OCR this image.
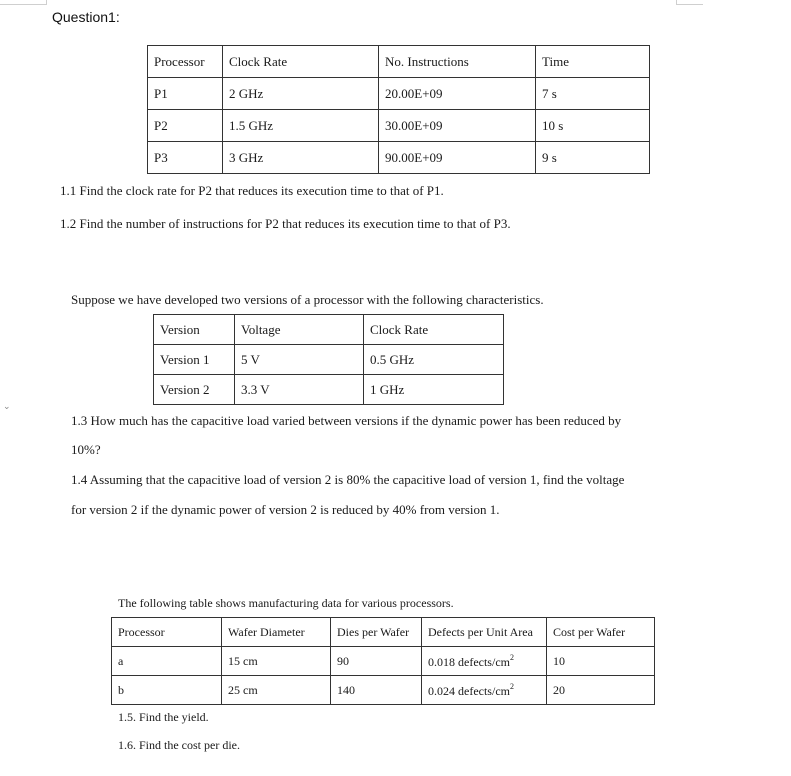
⌄
Question1:
Processor	Clock Rate	No. Instructions	Time
P1	2 GHz	20.00E+09	7 s
P2	1.5 GHz	30.00E+09	10 s
P3	3 GHz	90.00E+09	9 s
1.1 Find the clock rate for P2 that reduces its execution time to that of P1.
1.2 Find the number of instructions for P2 that reduces its execution time to that of P3.
Suppose we have developed two versions of a processor with the following characteristics.
Version	Voltage	Clock Rate
Version 1	5 V	0.5 GHz
Version 2	3.3 V	1 GHz
1.3 How much has the capacitive load varied between versions if the dynamic power has been reduced by
10%?
1.4 Assuming that the capacitive load of version 2 is 80% the capacitive load of version 1, find the voltage
for version 2 if the dynamic power of version 2 is reduced by 40% from version 1.
The following table shows manufacturing data for various processors.
Processor	Wafer Diameter	Dies per Wafer	Defects per Unit Area	Cost per Wafer
a	15 cm	90	0.018 defects/$cm^2$	10
b	25 cm	140	0.024 defects/$cm^2$	20
1.5. Find the yield.
1.6. Find the cost per die.
